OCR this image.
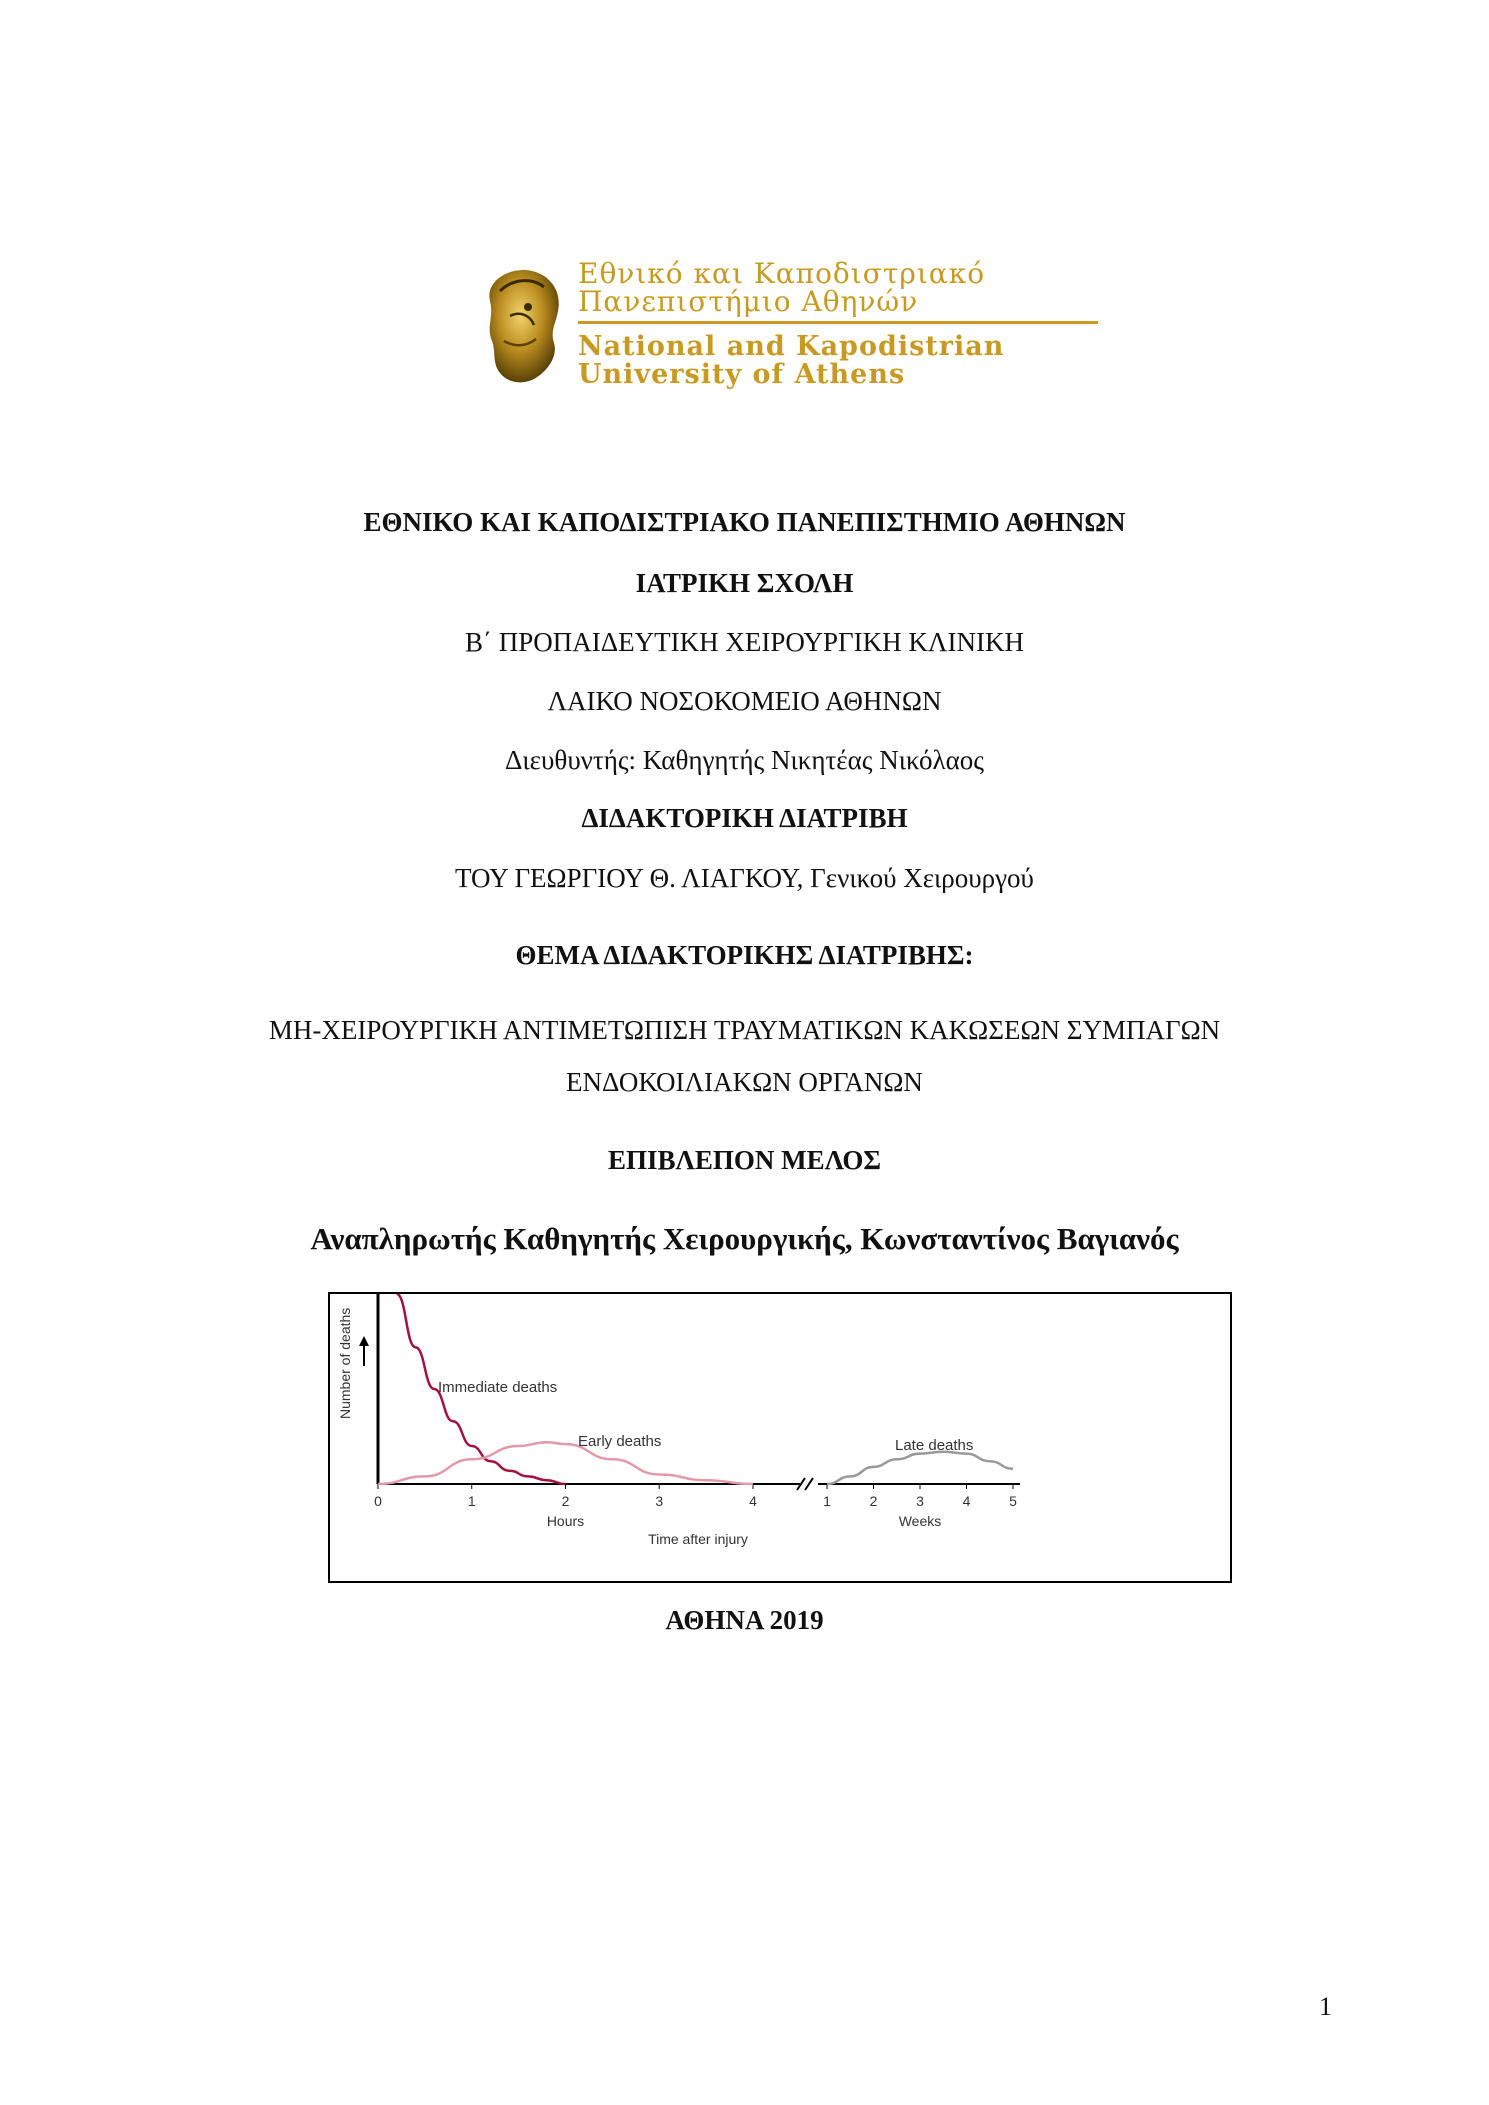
Εθνικό και Καποδιστριακό
Πανεπιστήμιο Αθηνών
National and Kapodistrian
University of Athens
ΕΘΝΙΚΟ ΚΑΙ ΚΑΠΟΔΙΣΤΡΙΑΚΟ ΠΑΝΕΠΙΣΤΗΜΙΟ ΑΘΗΝΩΝ
ΙΑΤΡΙΚΗ ΣΧΟΛΗ
Β΄ ΠΡΟΠΑΙΔΕΥΤΙΚΗ ΧΕΙΡΟΥΡΓΙΚΗ ΚΛΙΝΙΚΗ
ΛΑΙΚΟ ΝΟΣΟΚΟΜΕΙΟ ΑΘΗΝΩΝ
Διευθυντής: Καθηγητής Νικητέας Νικόλαος
ΔΙΔΑΚΤΟΡΙΚΗ ΔΙΑΤΡΙΒΗ
ΤΟΥ ΓΕΩΡΓΙΟΥ Θ. ΛΙΑΓΚΟΥ, Γενικού Χειρουργού
ΘΕΜΑ ΔΙΔΑΚΤΟΡΙΚΗΣ ΔΙΑΤΡΙΒΗΣ:
ΜΗ-ΧΕΙΡΟΥΡΓΙΚΗ ΑΝΤΙΜΕΤΩΠΙΣΗ ΤΡΑΥΜΑΤΙΚΩΝ ΚΑΚΩΣΕΩΝ ΣΥΜΠΑΓΩΝ
ΕΝΔΟΚΟΙΛΙΑΚΩΝ ΟΡΓΑΝΩΝ
ΕΠΙΒΛΕΠΟΝ ΜΕΛΟΣ
Αναπληρωτής Καθηγητής Χειρουργικής, Κωνσταντίνος Βαγιανός
Number of deaths
0	1	2	3	4
Hours
1	2	3	4	5
Weeks
Time after injury
Immediate deaths
Early deaths	Late deaths
ΑΘΗΝΑ 2019
1
